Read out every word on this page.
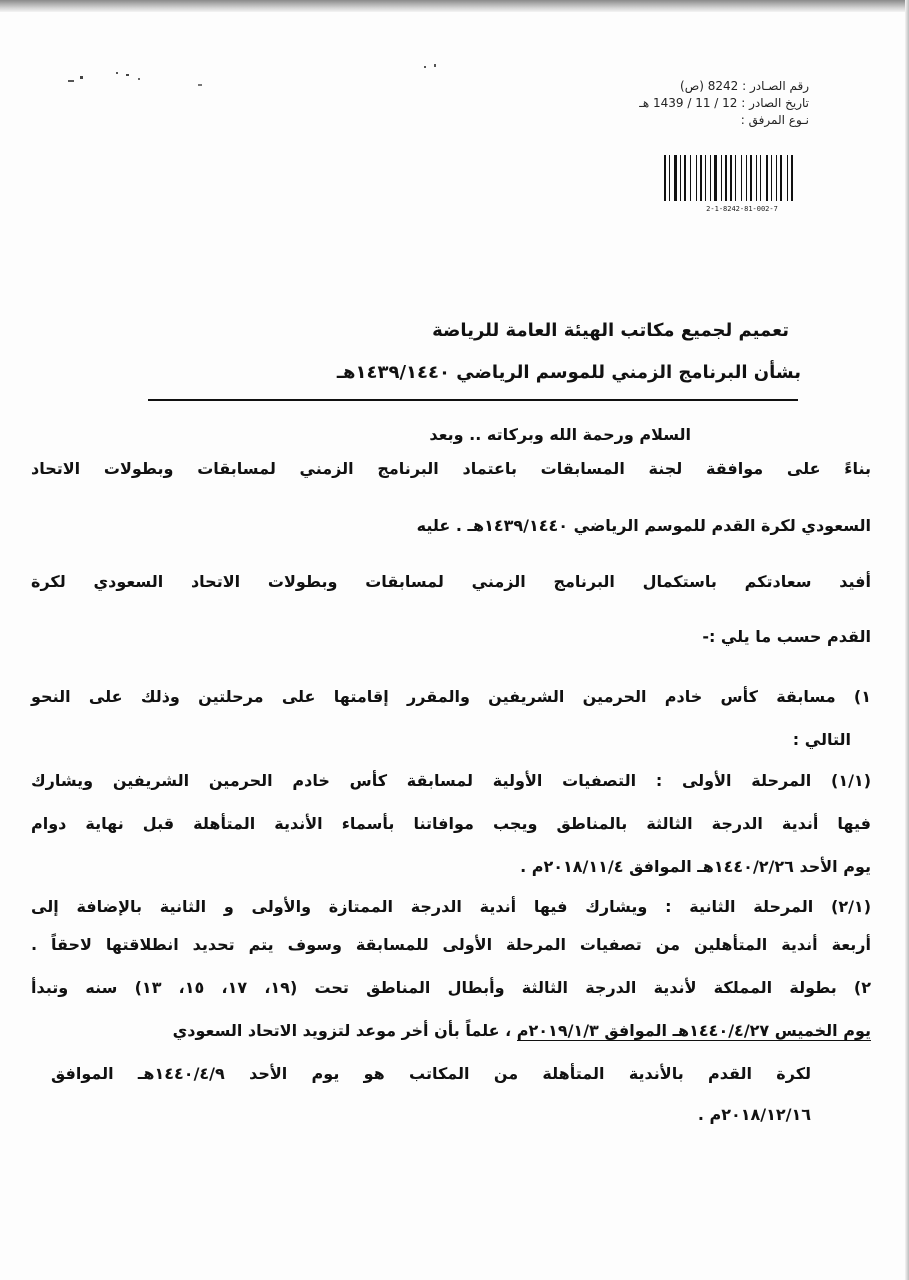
رقم الصـادر : 8242 (ص)
تاريخ الصادر : 12 / 11 / 1439 هـ
نـوع المرفق :
2-1-8242-81-002-7
تعميم لجميع مكاتب الهيئة العامة للرياضة
بشأن البرنامج الزمني للموسم الرياضي ١٤٣٩/١٤٤٠هـ
السلام ورحمة الله وبركاته .. وبعد
بناءً على موافقة لجنة المسابقات باعتماد البرنامج الزمني لمسابقات وبطولات الاتحاد
السعودي لكرة القدم للموسم الرياضي ١٤٣٩/١٤٤٠هـ . عليه
أفيد سعادتكم باستكمال البرنامج الزمني لمسابقات وبطولات الاتحاد السعودي لكرة
القدم حسب ما يلي :-
١) مسابقة كأس خادم الحرمين الشريفين والمقرر إقامتها على مرحلتين وذلك على النحو
التالي :
(١/١) المرحلة الأولى : التصفيات الأولية لمسابقة كأس خادم الحرمين الشريفين ويشارك
فيها أندية الدرجة الثالثة بالمناطق ويجب موافاتنا بأسماء الأندية المتأهلة قبل نهاية دوام
يوم الأحد ١٤٤٠/٢/٢٦هـ الموافق ٢٠١٨/١١/٤م .
(٢/١) المرحلة الثانية : ويشارك فيها أندية الدرجة الممتازة والأولى و الثانية بالإضافة إلى
أربعة أندية المتأهلين من تصفيات المرحلة الأولى للمسابقة وسوف يتم تحديد انطلاقتها لاحقاً .
٢) بطولة المملكة لأندية الدرجة الثالثة وأبطال المناطق تحت (١٩، ١٧، ١٥، ١٣) سنه وتبدأ
يوم الخميس ١٤٤٠/٤/٢٧هـ الموافق ٢٠١٩/١/٣م ، علماً بأن أخر موعد لتزويد الاتحاد السعودي
لكرة القدم بالأندية المتأهلة من المكاتب هو يوم الأحد ١٤٤٠/٤/٩هـ الموافق
٢٠١٨/١٢/١٦م .
